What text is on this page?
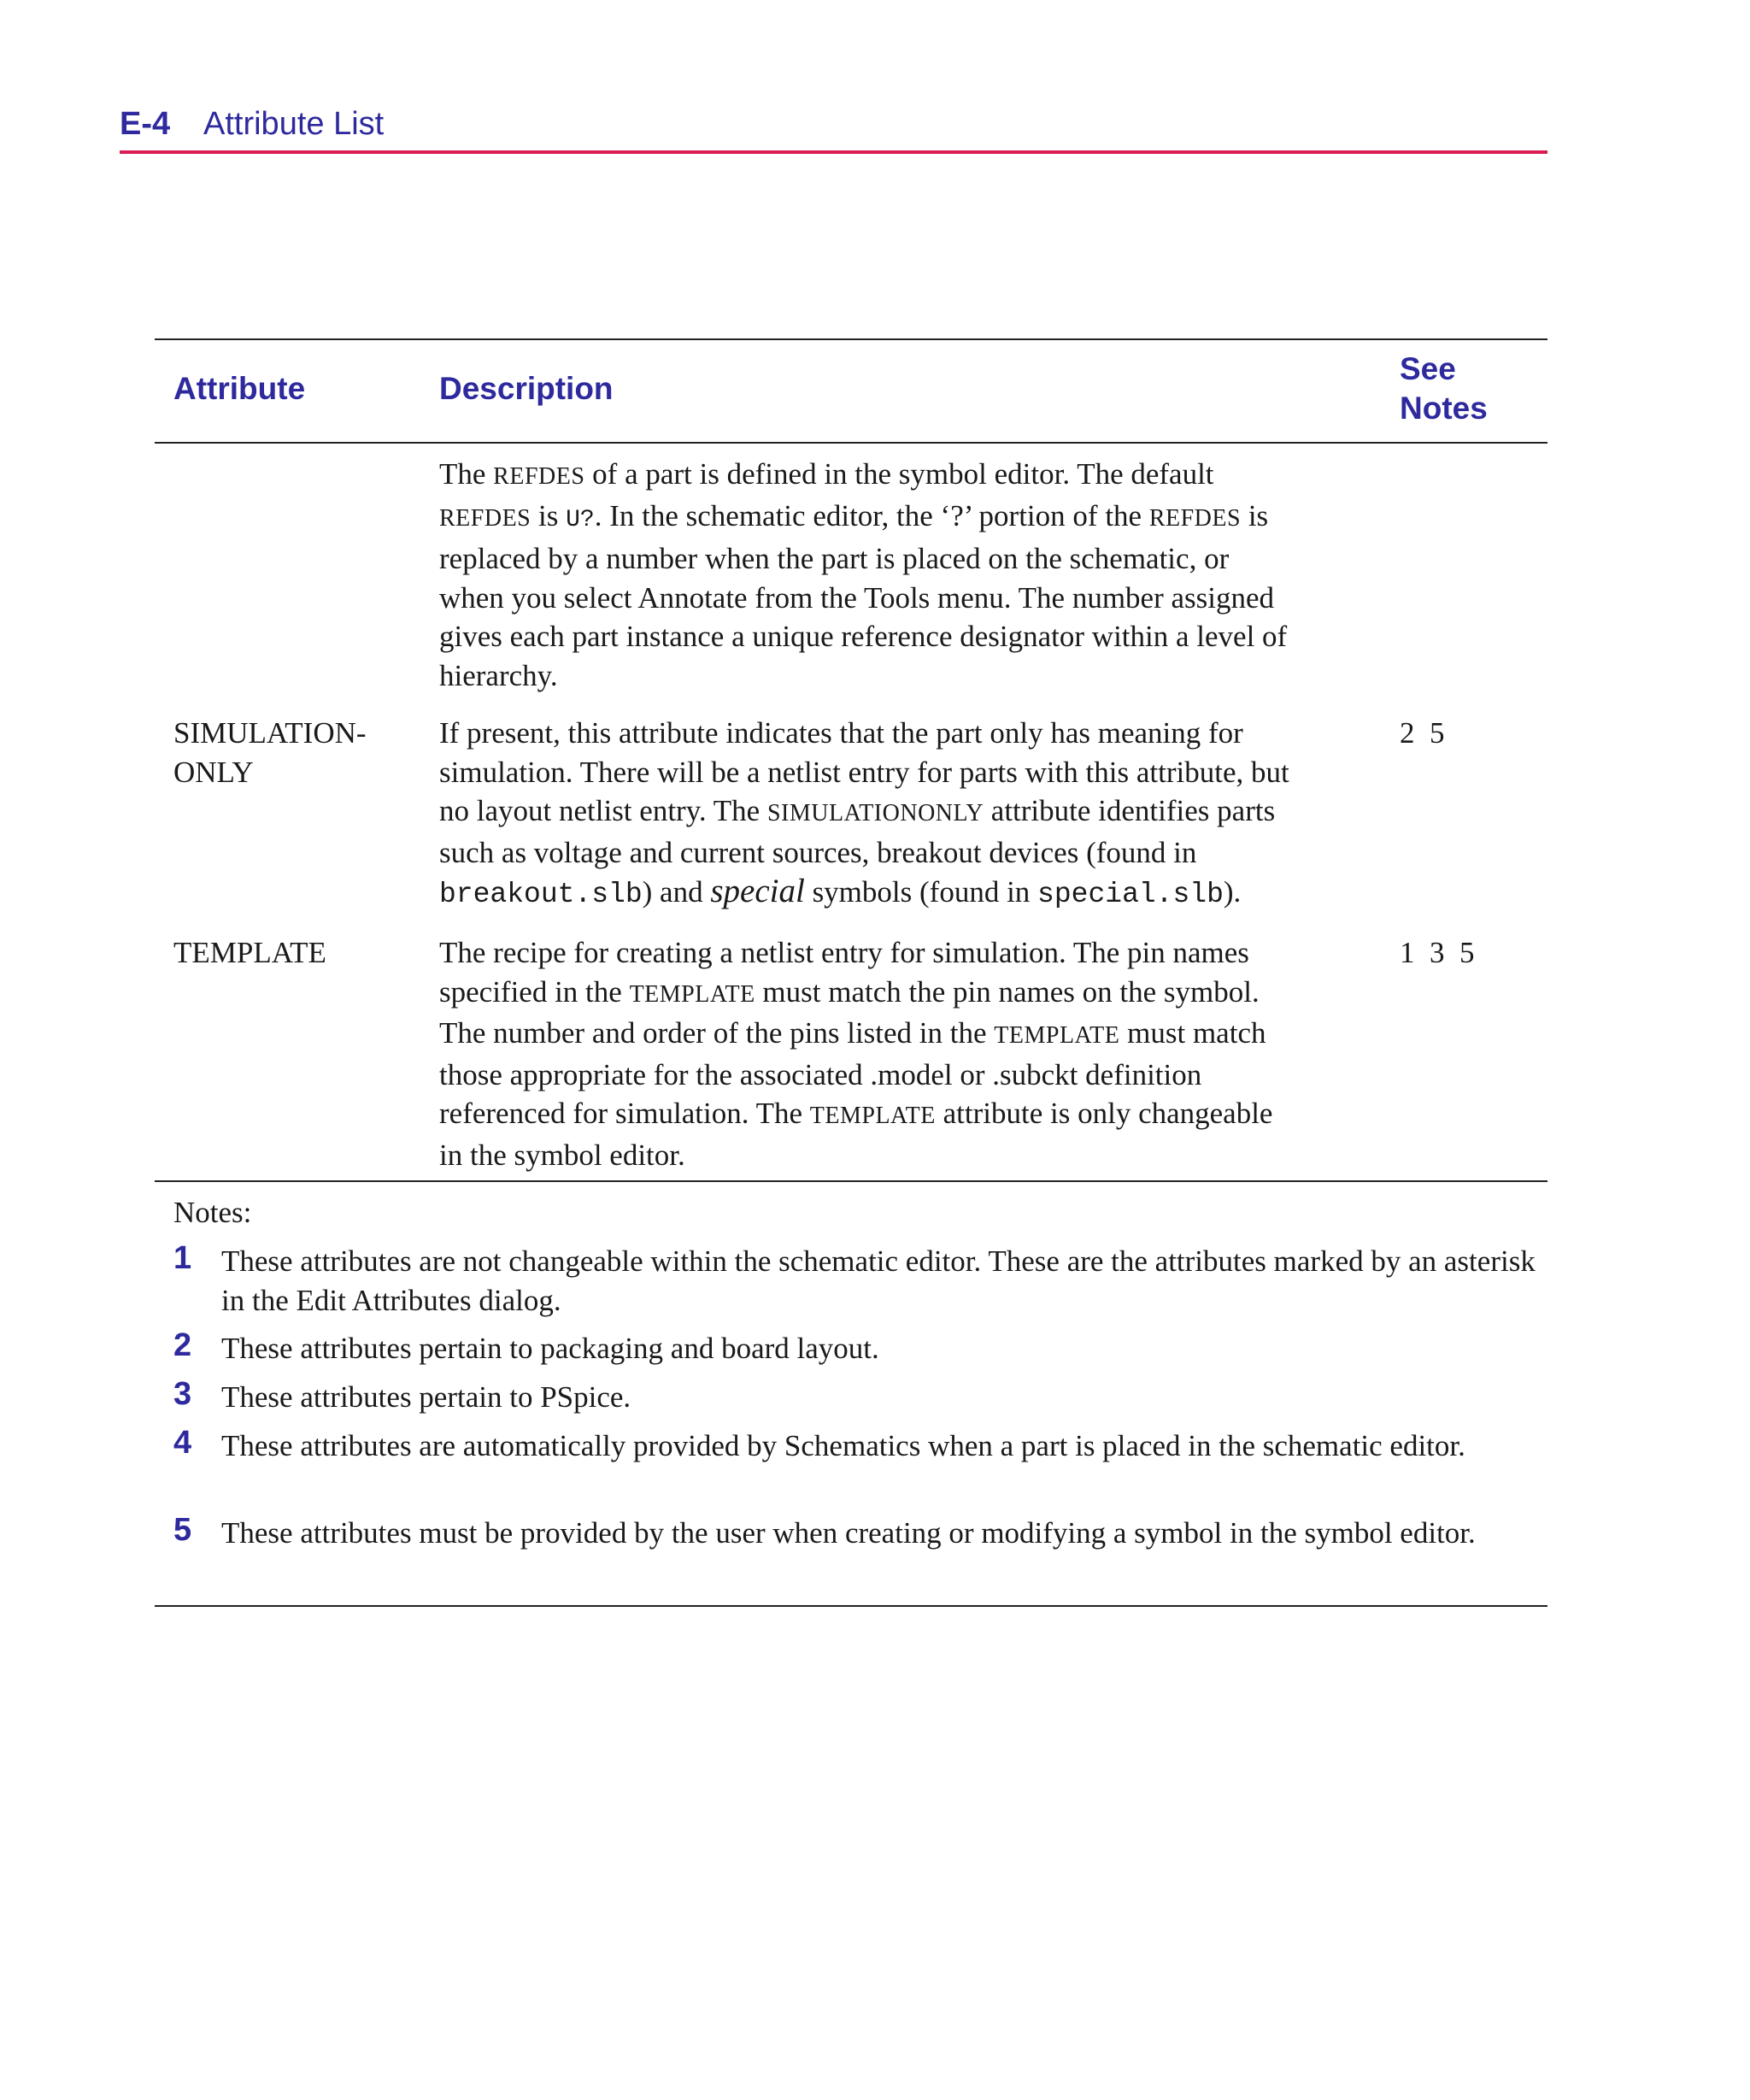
E-4 Attribute List
Attribute	Description
See Notes
The REFDES of a part is defined in the symbol editor. The default
REFDES is U?. In the schematic editor, the ‘?’ portion of the REFDES is
replaced by a number when the part is placed on the schematic, or
when you select Annotate from the Tools menu. The number assigned
gives each part instance a unique reference designator within a level of
hierarchy.
SIMULATION-
ONLY
If present, this attribute indicates that the part only has meaning for
simulation. There will be a netlist entry for parts with this attribute, but
no layout netlist entry. The SIMULATIONONLY attribute identifies parts
such as voltage and current sources, breakout devices (found in
breakout.slb) and special symbols (found in special.slb).
2  5
TEMPLATE	The recipe for creating a netlist entry for simulation. The pin names
specified in the TEMPLATE must match the pin names on the symbol.
The number and order of the pins listed in the TEMPLATE must match
those appropriate for the associated .model or .subckt definition
referenced for simulation. The TEMPLATE attribute is only changeable
in the symbol editor.
1  3  5
Notes:
1 These attributes are not changeable within the schematic editor. These are the attributes marked by an asterisk in the Edit Attributes dialog.
2 These attributes pertain to packaging and board layout.
3 These attributes pertain to PSpice.
4 These attributes are automatically provided by Schematics when a part is placed in the schematic editor.
5 These attributes must be provided by the user when creating or modifying a symbol in the symbol editor.
